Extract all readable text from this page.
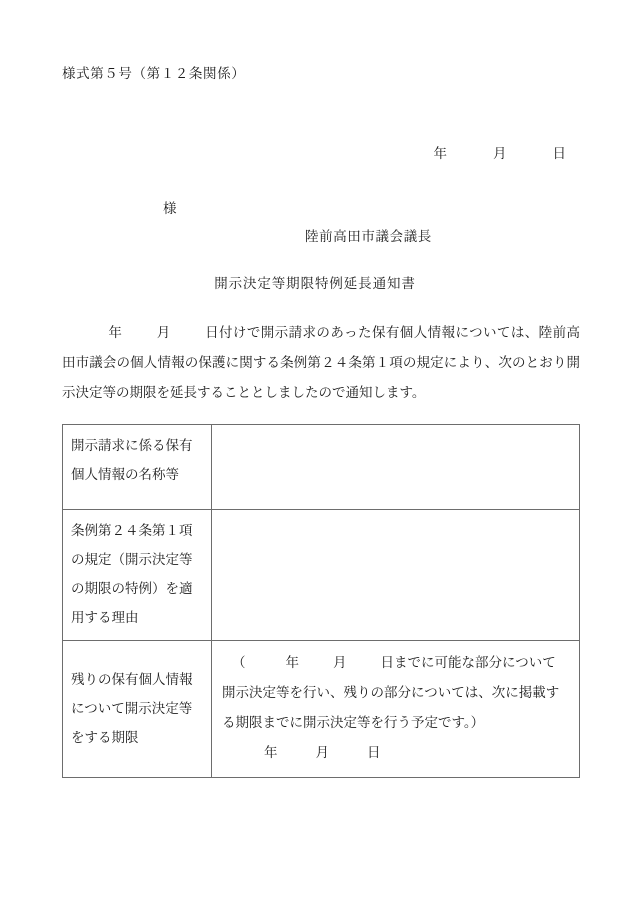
様式第５号（第１２条関係）
年	月	日
様
陸前高田市議会議長
開示決定等期限特例延長通知書
年	月	日付けで開示請求のあった保有個人情報については、陸前高田市議会の個人情報の保護に関する条例第２４条第１項の規定により、次のとおり開示決定等の期限を延長することとしましたので通知します。
開示請求に係る保有個人情報の名称等	
条例第２４条第１項の規定（開示決定等の期限の特例）を適用する理由	
残りの保有個人情報について開示決定等をする期限	（ 年 月 日までに可能な部分について開示決定等を行い、残りの部分については、次に掲載する期限までに開示決定等を行う予定です。）
年 月 日
